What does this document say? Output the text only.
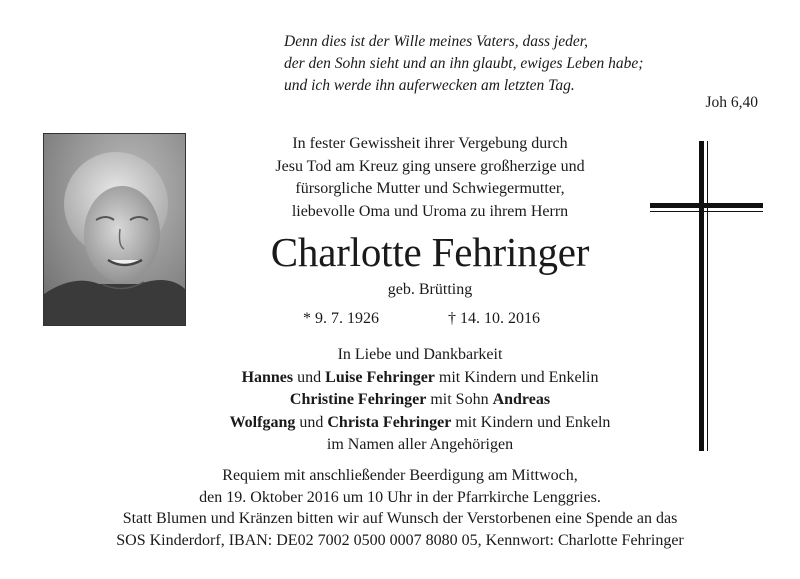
Denn dies ist der Wille meines Vaters, dass jeder,
der den Sohn sieht und an ihn glaubt, ewiges Leben habe;
und ich werde ihn auferwecken am letzten Tag.
Joh 6,40
In fester Gewissheit ihrer Vergebung durch
Jesu Tod am Kreuz ging unsere großherzige und
fürsorgliche Mutter und Schwiegermutter,
liebevolle Oma und Uroma zu ihrem Herrn
Charlotte Fehringer
geb. Brütting
* 9. 7. 1926	† 14. 10. 2016
In Liebe und Dankbarkeit
Hannes und Luise Fehringer mit Kindern und Enkelin
Christine Fehringer mit Sohn Andreas
Wolfgang und Christa Fehringer mit Kindern und Enkeln
im Namen aller Angehörigen
Requiem mit anschließender Beerdigung am Mittwoch,
den 19. Oktober 2016 um 10 Uhr in der Pfarrkirche Lenggries.
Statt Blumen und Kränzen bitten wir auf Wunsch der Verstorbenen eine Spende an das
SOS Kinderdorf, IBAN: DE02 7002 0500 0007 8080 05, Kennwort: Charlotte Fehringer
